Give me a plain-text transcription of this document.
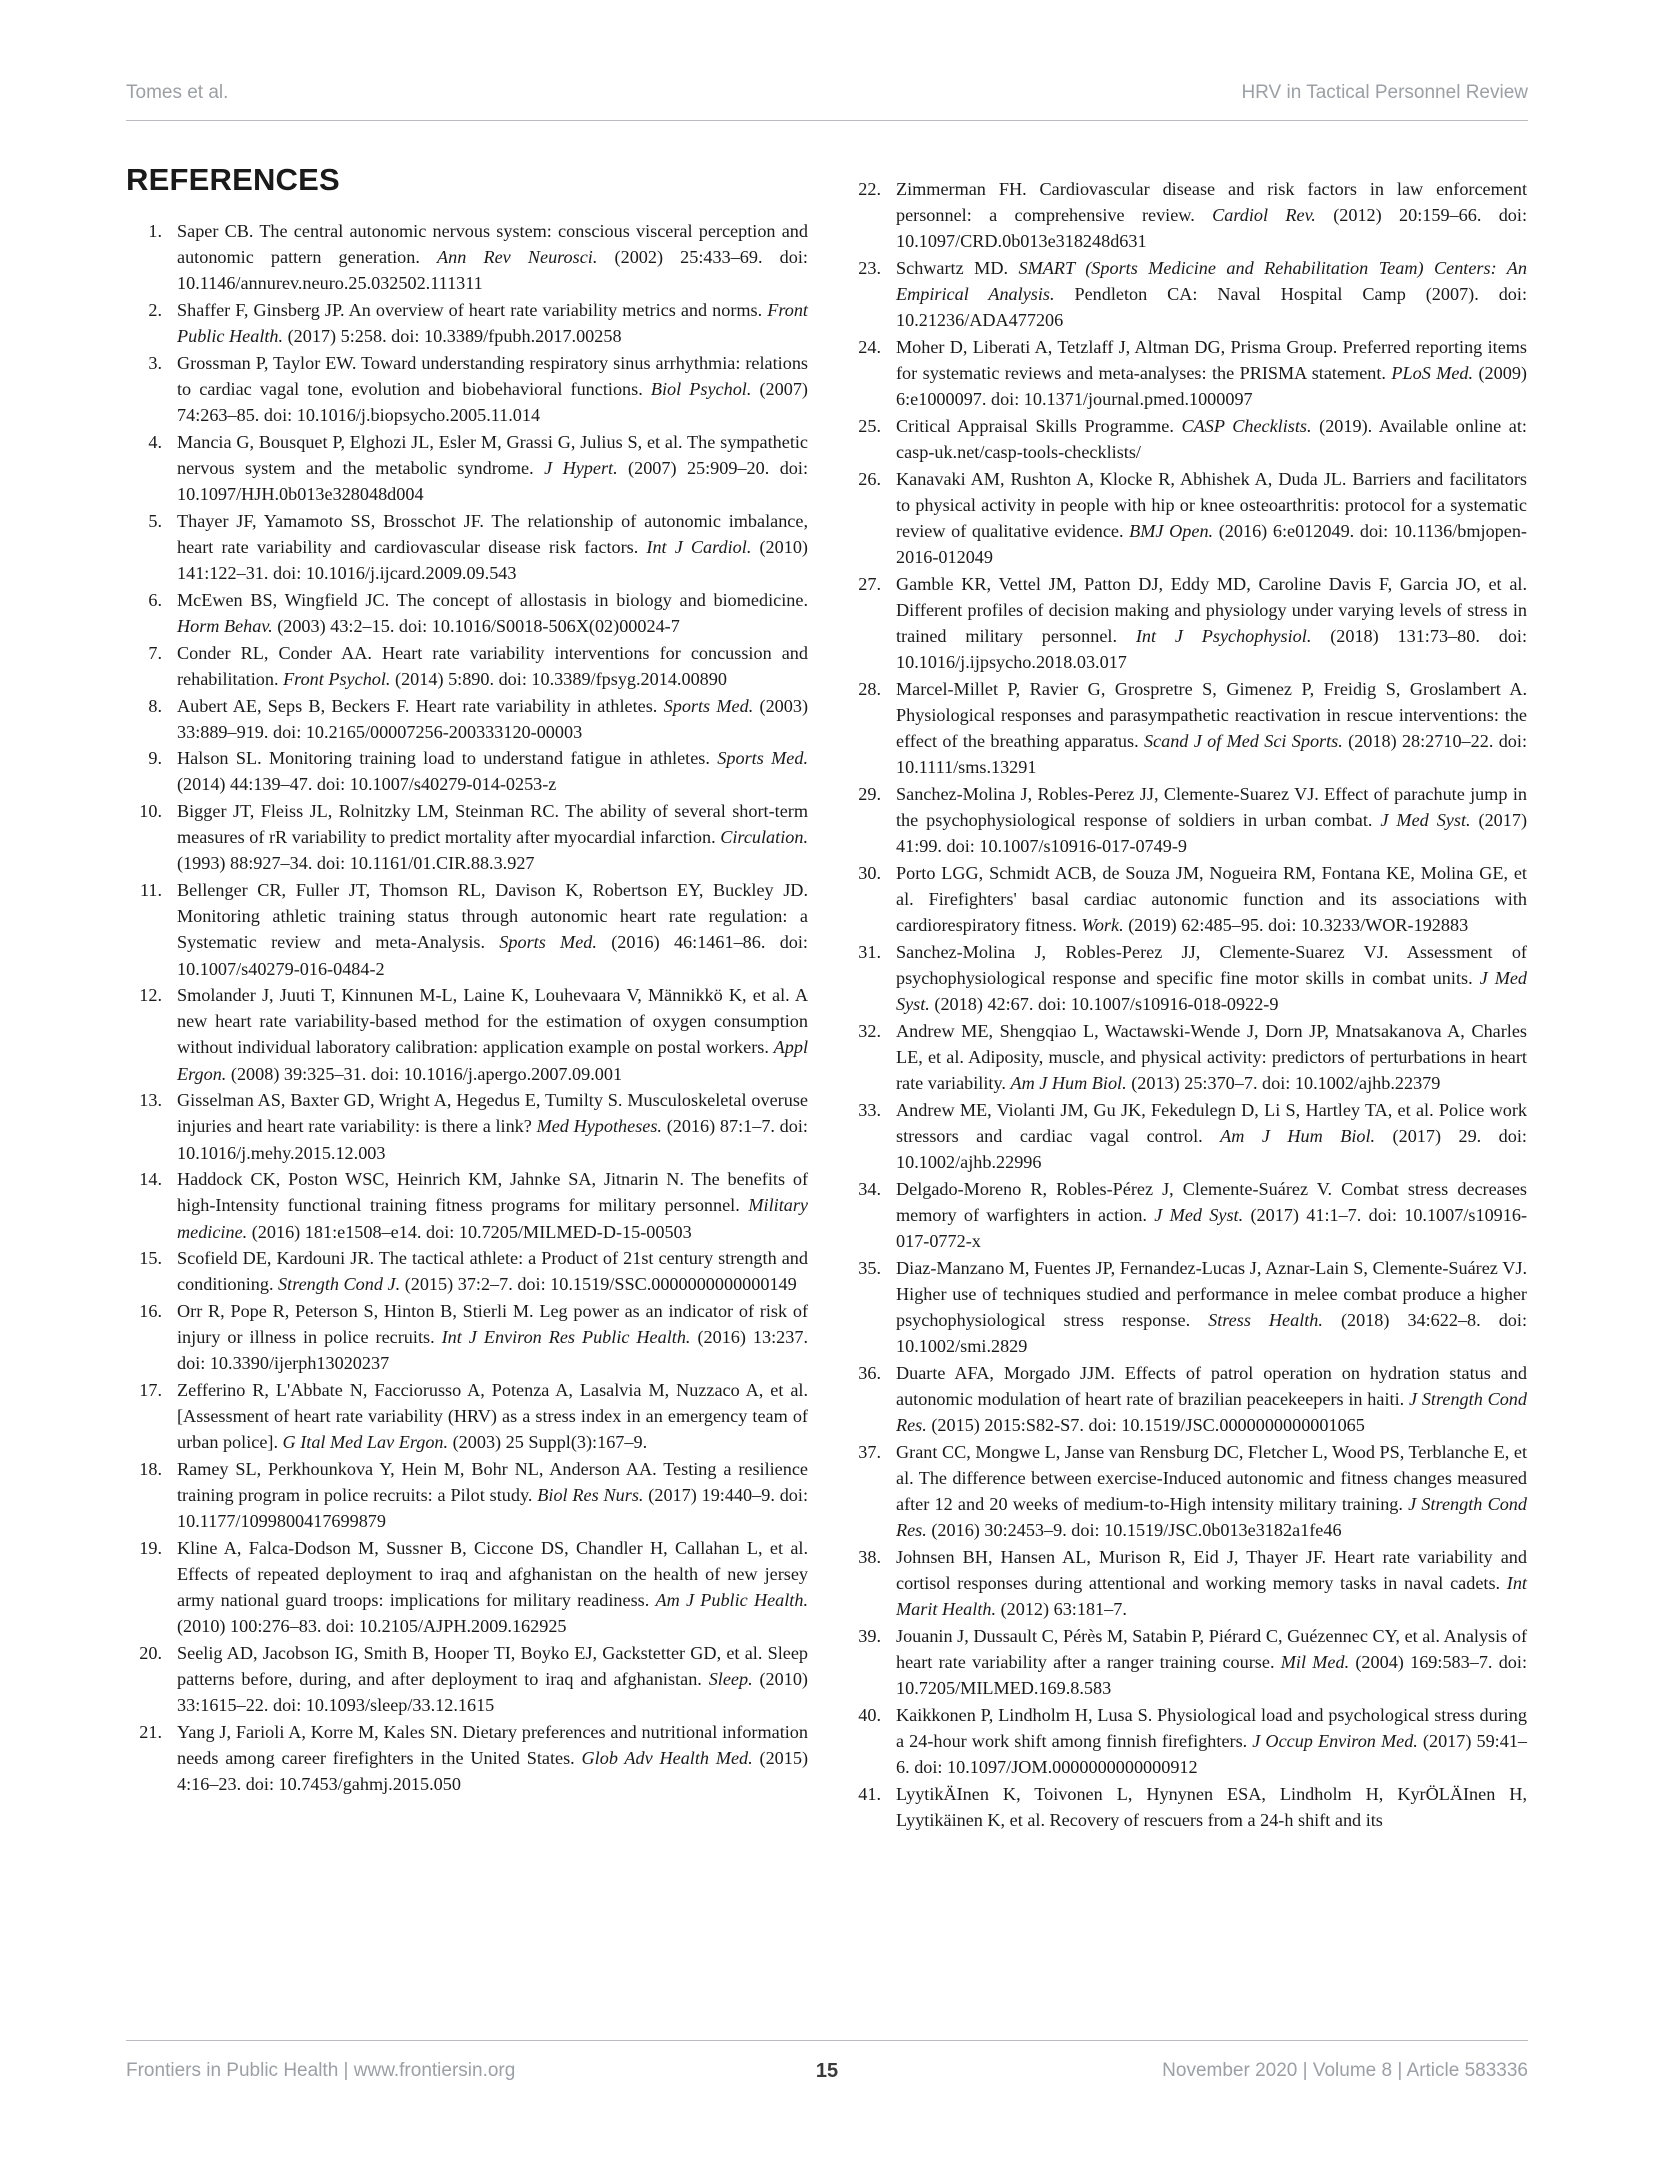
Tomes et al.	HRV in Tactical Personnel Review
REFERENCES
1. Saper CB. The central autonomic nervous system: conscious visceral perception and autonomic pattern generation. Ann Rev Neurosci. (2002) 25:433–69. doi: 10.1146/annurev.neuro.25.032502.111311
2. Shaffer F, Ginsberg JP. An overview of heart rate variability metrics and norms. Front Public Health. (2017) 5:258. doi: 10.3389/fpubh.2017.00258
3. Grossman P, Taylor EW. Toward understanding respiratory sinus arrhythmia: relations to cardiac vagal tone, evolution and biobehavioral functions. Biol Psychol. (2007) 74:263–85. doi: 10.1016/j.biopsycho.2005.11.014
4. Mancia G, Bousquet P, Elghozi JL, Esler M, Grassi G, Julius S, et al. The sympathetic nervous system and the metabolic syndrome. J Hypert. (2007) 25:909–20. doi: 10.1097/HJH.0b013e328048d004
5. Thayer JF, Yamamoto SS, Brosschot JF. The relationship of autonomic imbalance, heart rate variability and cardiovascular disease risk factors. Int J Cardiol. (2010) 141:122–31. doi: 10.1016/j.ijcard.2009.09.543
6. McEwen BS, Wingfield JC. The concept of allostasis in biology and biomedicine. Horm Behav. (2003) 43:2–15. doi: 10.1016/S0018-506X(02)00024-7
7. Conder RL, Conder AA. Heart rate variability interventions for concussion and rehabilitation. Front Psychol. (2014) 5:890. doi: 10.3389/fpsyg.2014.00890
8. Aubert AE, Seps B, Beckers F. Heart rate variability in athletes. Sports Med. (2003) 33:889–919. doi: 10.2165/00007256-200333120-00003
9. Halson SL. Monitoring training load to understand fatigue in athletes. Sports Med. (2014) 44:139–47. doi: 10.1007/s40279-014-0253-z
10. Bigger JT, Fleiss JL, Rolnitzky LM, Steinman RC. The ability of several short-term measures of rR variability to predict mortality after myocardial infarction. Circulation. (1993) 88:927–34. doi: 10.1161/01.CIR.88.3.927
11. Bellenger CR, Fuller JT, Thomson RL, Davison K, Robertson EY, Buckley JD. Monitoring athletic training status through autonomic heart rate regulation: a Systematic review and meta-Analysis. Sports Med. (2016) 46:1461–86. doi: 10.1007/s40279-016-0484-2
12. Smolander J, Juuti T, Kinnunen M-L, Laine K, Louhevaara V, Männikkö K, et al. A new heart rate variability-based method for the estimation of oxygen consumption without individual laboratory calibration: application example on postal workers. Appl Ergon. (2008) 39:325–31. doi: 10.1016/j.apergo.2007.09.001
13. Gisselman AS, Baxter GD, Wright A, Hegedus E, Tumilty S. Musculoskeletal overuse injuries and heart rate variability: is there a link? Med Hypotheses. (2016) 87:1–7. doi: 10.1016/j.mehy.2015.12.003
14. Haddock CK, Poston WSC, Heinrich KM, Jahnke SA, Jitnarin N. The benefits of high-Intensity functional training fitness programs for military personnel. Military medicine. (2016) 181:e1508–e14. doi: 10.7205/MILMED-D-15-00503
15. Scofield DE, Kardouni JR. The tactical athlete: a Product of 21st century strength and conditioning. Strength Cond J. (2015) 37:2–7. doi: 10.1519/SSC.0000000000000149
16. Orr R, Pope R, Peterson S, Hinton B, Stierli M. Leg power as an indicator of risk of injury or illness in police recruits. Int J Environ Res Public Health. (2016) 13:237. doi: 10.3390/ijerph13020237
17. Zefferino R, L'Abbate N, Facciorusso A, Potenza A, Lasalvia M, Nuzzaco A, et al. [Assessment of heart rate variability (HRV) as a stress index in an emergency team of urban police]. G Ital Med Lav Ergon. (2003) 25 Suppl(3):167–9.
18. Ramey SL, Perkhounkova Y, Hein M, Bohr NL, Anderson AA. Testing a resilience training program in police recruits: a Pilot study. Biol Res Nurs. (2017) 19:440–9. doi: 10.1177/1099800417699879
19. Kline A, Falca-Dodson M, Sussner B, Ciccone DS, Chandler H, Callahan L, et al. Effects of repeated deployment to iraq and afghanistan on the health of new jersey army national guard troops: implications for military readiness. Am J Public Health. (2010) 100:276–83. doi: 10.2105/AJPH.2009.162925
20. Seelig AD, Jacobson IG, Smith B, Hooper TI, Boyko EJ, Gackstetter GD, et al. Sleep patterns before, during, and after deployment to iraq and afghanistan. Sleep. (2010) 33:1615–22. doi: 10.1093/sleep/33.12.1615
21. Yang J, Farioli A, Korre M, Kales SN. Dietary preferences and nutritional information needs among career firefighters in the United States. Glob Adv Health Med. (2015) 4:16–23. doi: 10.7453/gahmj.2015.050
22. Zimmerman FH. Cardiovascular disease and risk factors in law enforcement personnel: a comprehensive review. Cardiol Rev. (2012) 20:159–66. doi: 10.1097/CRD.0b013e318248d631
23. Schwartz MD. SMART (Sports Medicine and Rehabilitation Team) Centers: An Empirical Analysis. Pendleton CA: Naval Hospital Camp (2007). doi: 10.21236/ADA477206
24. Moher D, Liberati A, Tetzlaff J, Altman DG, Prisma Group. Preferred reporting items for systematic reviews and meta-analyses: the PRISMA statement. PLoS Med. (2009) 6:e1000097. doi: 10.1371/journal.pmed.1000097
25. Critical Appraisal Skills Programme. CASP Checklists. (2019). Available online at: casp-uk.net/casp-tools-checklists/
26. Kanavaki AM, Rushton A, Klocke R, Abhishek A, Duda JL. Barriers and facilitators to physical activity in people with hip or knee osteoarthritis: protocol for a systematic review of qualitative evidence. BMJ Open. (2016) 6:e012049. doi: 10.1136/bmjopen-2016-012049
27. Gamble KR, Vettel JM, Patton DJ, Eddy MD, Caroline Davis F, Garcia JO, et al. Different profiles of decision making and physiology under varying levels of stress in trained military personnel. Int J Psychophysiol. (2018) 131:73–80. doi: 10.1016/j.ijpsycho.2018.03.017
28. Marcel-Millet P, Ravier G, Grospretre S, Gimenez P, Freidig S, Groslambert A. Physiological responses and parasympathetic reactivation in rescue interventions: the effect of the breathing apparatus. Scand J of Med Sci Sports. (2018) 28:2710–22. doi: 10.1111/sms.13291
29. Sanchez-Molina J, Robles-Perez JJ, Clemente-Suarez VJ. Effect of parachute jump in the psychophysiological response of soldiers in urban combat. J Med Syst. (2017) 41:99. doi: 10.1007/s10916-017-0749-9
30. Porto LGG, Schmidt ACB, de Souza JM, Nogueira RM, Fontana KE, Molina GE, et al. Firefighters' basal cardiac autonomic function and its associations with cardiorespiratory fitness. Work. (2019) 62:485–95. doi: 10.3233/WOR-192883
31. Sanchez-Molina J, Robles-Perez JJ, Clemente-Suarez VJ. Assessment of psychophysiological response and specific fine motor skills in combat units. J Med Syst. (2018) 42:67. doi: 10.1007/s10916-018-0922-9
32. Andrew ME, Shengqiao L, Wactawski-Wende J, Dorn JP, Mnatsakanova A, Charles LE, et al. Adiposity, muscle, and physical activity: predictors of perturbations in heart rate variability. Am J Hum Biol. (2013) 25:370–7. doi: 10.1002/ajhb.22379
33. Andrew ME, Violanti JM, Gu JK, Fekedulegn D, Li S, Hartley TA, et al. Police work stressors and cardiac vagal control. Am J Hum Biol. (2017) 29. doi: 10.1002/ajhb.22996
34. Delgado-Moreno R, Robles-Pérez J, Clemente-Suárez V. Combat stress decreases memory of warfighters in action. J Med Syst. (2017) 41:1–7. doi: 10.1007/s10916-017-0772-x
35. Diaz-Manzano M, Fuentes JP, Fernandez-Lucas J, Aznar-Lain S, Clemente-Suárez VJ. Higher use of techniques studied and performance in melee combat produce a higher psychophysiological stress response. Stress Health. (2018) 34:622–8. doi: 10.1002/smi.2829
36. Duarte AFA, Morgado JJM. Effects of patrol operation on hydration status and autonomic modulation of heart rate of brazilian peacekeepers in haiti. J Strength Cond Res. (2015) 2015:S82-S7. doi: 10.1519/JSC.0000000000001065
37. Grant CC, Mongwe L, Janse van Rensburg DC, Fletcher L, Wood PS, Terblanche E, et al. The difference between exercise-Induced autonomic and fitness changes measured after 12 and 20 weeks of medium-to-High intensity military training. J Strength Cond Res. (2016) 30:2453–9. doi: 10.1519/JSC.0b013e3182a1fe46
38. Johnsen BH, Hansen AL, Murison R, Eid J, Thayer JF. Heart rate variability and cortisol responses during attentional and working memory tasks in naval cadets. Int Marit Health. (2012) 63:181–7.
39. Jouanin J, Dussault C, Pérès M, Satabin P, Piérard C, Guézennec CY, et al. Analysis of heart rate variability after a ranger training course. Mil Med. (2004) 169:583–7. doi: 10.7205/MILMED.169.8.583
40. Kaikkonen P, Lindholm H, Lusa S. Physiological load and psychological stress during a 24-hour work shift among finnish firefighters. J Occup Environ Med. (2017) 59:41–6. doi: 10.1097/JOM.0000000000000912
41. LyytikÄInen K, Toivonen L, Hynynen ESA, Lindholm H, KyrÖLÄInen H, Lyytikäinen K, et al. Recovery of rescuers from a 24-h shift and its
Frontiers in Public Health | www.frontiersin.org	15	November 2020 | Volume 8 | Article 583336
